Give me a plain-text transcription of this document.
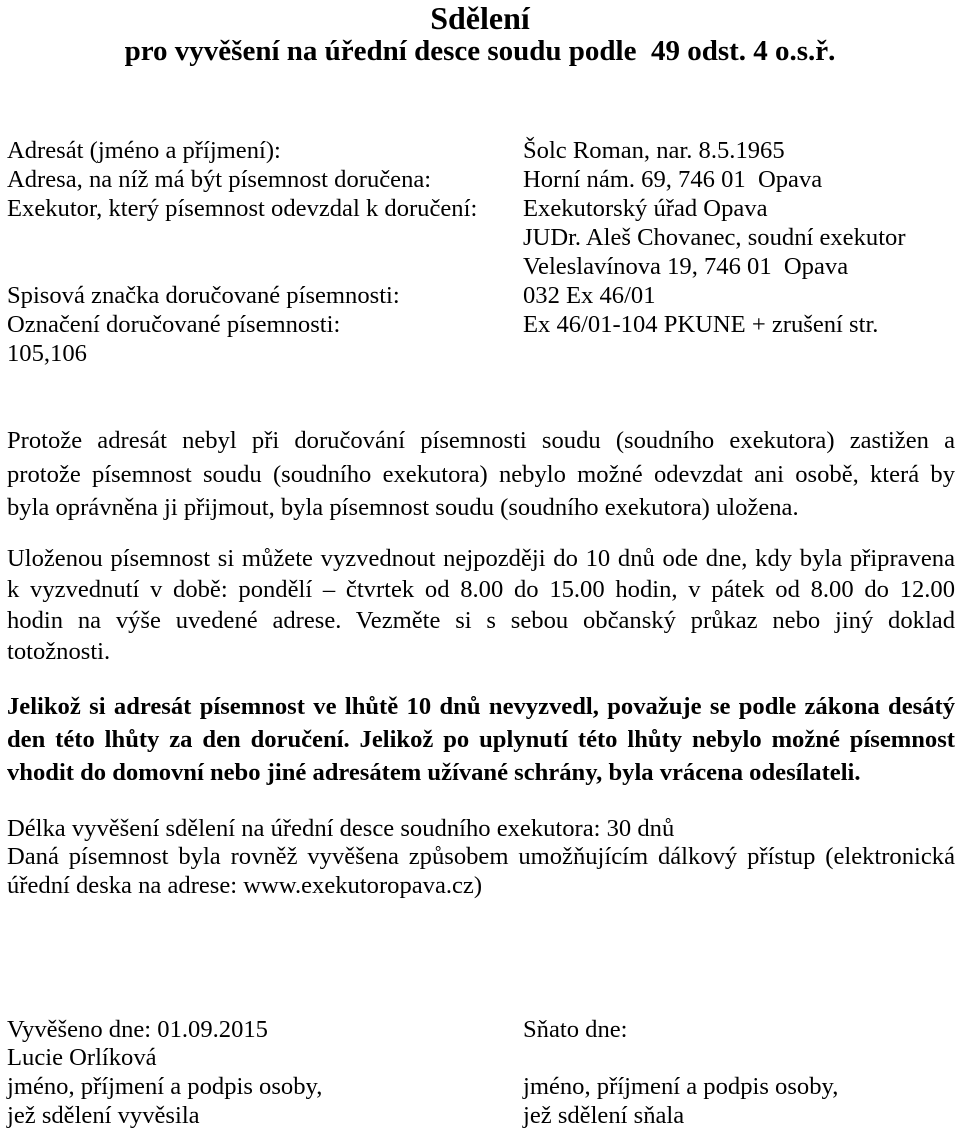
Sdělení
pro vyvěšení na úřední desce soudu podle  49 odst. 4 o.s.ř.
Adresát (jméno a příjmení):	Šolc Roman, nar. 8.5.1965
Adresa, na níž má být písemnost doručena:	Horní nám. 69, 746 01  Opava
Exekutor, který písemnost odevzdal k doručení:	Exekutorský úřad Opava
JUDr. Aleš Chovanec, soudní exekutor
Veleslavínova 19, 746 01  Opava
Spisová značka doručované písemnosti:	032 Ex 46/01
Označení doručované písemnosti:	Ex 46/01-104 PKUNE + zrušení str.
105,106
Protože adresát nebyl při doručování písemnosti soudu (soudního exekutora) zastižen a
protože písemnost soudu (soudního exekutora) nebylo možné odevzdat ani osobě, která by
byla oprávněna ji přijmout, byla písemnost soudu (soudního exekutora) uložena.
Uloženou písemnost si můžete vyzvednout nejpozději do 10 dnů ode dne, kdy byla připravena
k vyzvednutí v době: pondělí – čtvrtek od 8.00 do 15.00 hodin, v pátek od 8.00 do 12.00
hodin na výše uvedené adrese. Vezměte si s sebou občanský průkaz nebo jiný doklad
totožnosti.
Jelikož si adresát písemnost ve lhůtě 10 dnů nevyzvedl, považuje se podle zákona desátý
den této lhůty za den doručení. Jelikož po uplynutí této lhůty nebylo možné písemnost
vhodit do domovní nebo jiné adresátem užívané schrány, byla vrácena odesílateli.
Délka vyvěšení sdělení na úřední desce soudního exekutora: 30 dnů
Daná písemnost byla rovněž vyvěšena způsobem umožňujícím dálkový přístup (elektronická
úřední deska na adrese: www.exekutoropava.cz)
Vyvěšeno dne: 01.09.2015	Sňato dne:
Lucie Orlíková
jméno, příjmení a podpis osoby,	jméno, příjmení a podpis osoby,
jež sdělení vyvěsila	jež sdělení sňala
